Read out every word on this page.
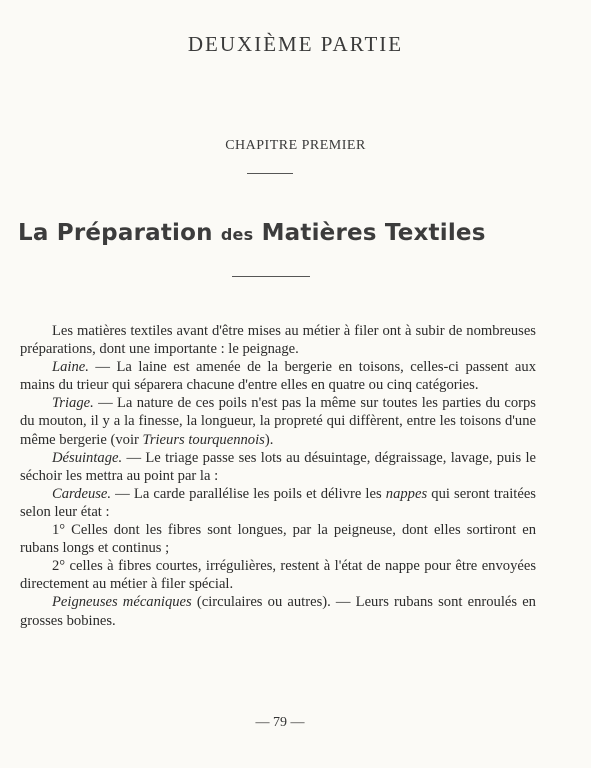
DEUXIÈME PARTIE
CHAPITRE PREMIER
La Préparation des Matières Textiles

Les matières textiles avant d'être mises au métier à filer ont à subir de nombreuses préparations, dont une importante : le peignage.

Laine. — La laine est amenée de la bergerie en toisons, celles-ci passent aux mains du trieur qui séparera chacune d'entre elles en quatre ou cinq catégories.

Triage. — La nature de ces poils n'est pas la même sur toutes les parties du corps du mouton, il y a la finesse, la longueur, la propreté qui diffèrent, entre les toisons d'une même bergerie (voir Trieurs tourquennois).

Désuintage. — Le triage passe ses lots au désuintage, dégraissage, lavage, puis le séchoir les mettra au point par la :

Cardeuse. — La carde parallélise les poils et délivre les nappes qui seront traitées selon leur état :

1° Celles dont les fibres sont longues, par la peigneuse, dont elles sortiront en rubans longs et continus ;

2° celles à fibres courtes, irrégulières, restent à l'état de nappe pour être envoyées directement au métier à filer spécial.

Peigneuses mécaniques (circulaires ou autres). — Leurs rubans sont enroulés en grosses bobines.

— 79 —
